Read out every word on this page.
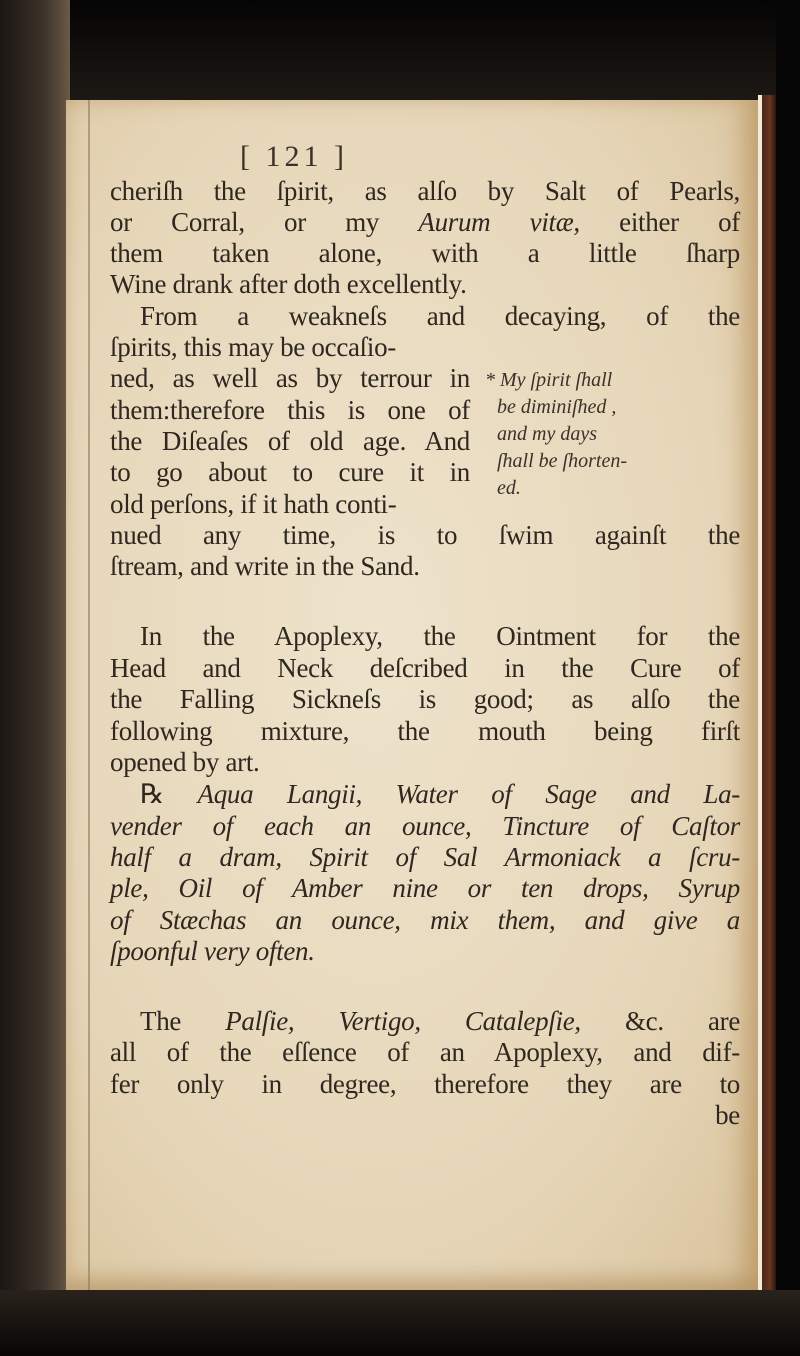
[ 121 ]
cheriſh the ſpirit, as alſo by Salt of Pearls,
or Corral, or my Aurum vitæ, either of
them taken alone, with a little ſharp
Wine drank after doth excellently.
From a weakneſs and decaying, of the
ſpirits, this may be occaſio-
ned, as well as by terrour in
them:therefore this is one of
the Diſeaſes of old age. And
to go about to cure it in
old perſons, if it hath conti-
nued any time, is to ſwim againſt the
ſtream, and write in the Sand.
In the Apoplexy, the Ointment for the
Head and Neck deſcribed in the Cure of
the Falling Sickneſs is good; as alſo the
following mixture, the mouth being firſt
opened by art.
℞ Aqua Langii, Water of Sage and La-
vender of each an ounce, Tincture of Caſtor
half a dram, Spirit of Sal Armoniack a ſcru-
ple, Oil of Amber nine or ten drops, Syrup
of Stæchas an ounce, mix them, and give a
ſpoonful very often.
The Palſie, Vertigo, Catalepſie, &c. are
all of the eſſence of an Apoplexy, and dif-
fer only in degree, therefore they are to
be
* My ſpirit ſhall
be diminiſhed ,
and my days
ſhall be ſhorten-
ed.
